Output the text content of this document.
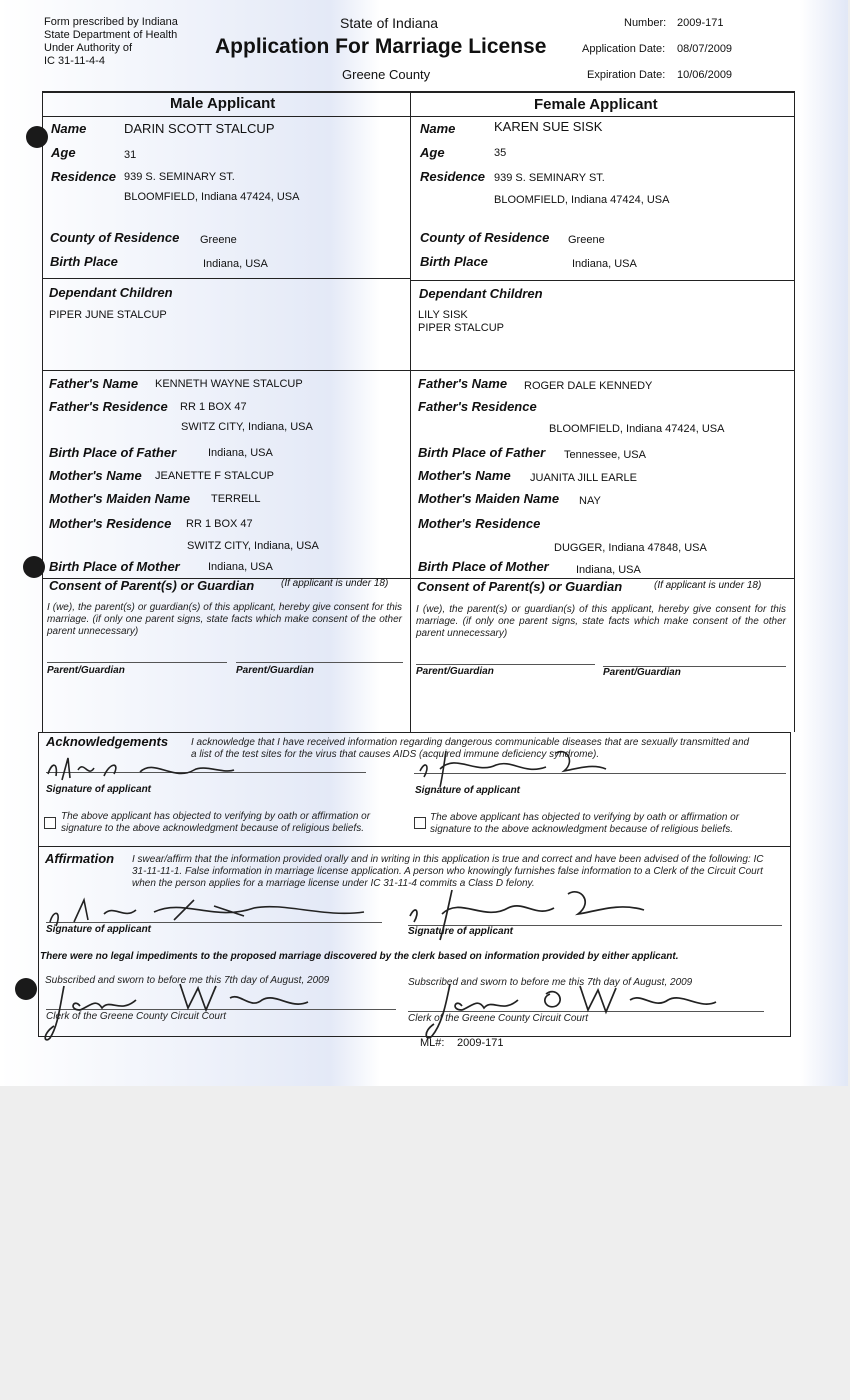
Form prescribed by Indiana
State Department of Health
Under Authority of
IC 31-11-4-4
State of Indiana
Application For Marriage License
Greene County
Number: 2009-171
Application Date: 08/07/2009
Expiration Date: 10/06/2009
Male Applicant	Female Applicant
Name	DARIN SCOTT STALCUP
Age	31
Residence 939 S. SEMINARY ST.
BLOOMFIELD, Indiana 47424, USA
County of Residence Greene
Birth Place	Indiana, USA
Dependant Children
PIPER JUNE STALCUP
Father's Name KENNETH WAYNE STALCUP
Father's Residence RR 1 BOX 47
SWITZ CITY, Indiana, USA
Birth Place of Father	Indiana, USA
Mother's Name JEANETTE F STALCUP
Mother's Maiden Name TERRELL
Mother's Residence RR 1 BOX 47
SWITZ CITY, Indiana, USA
Birth Place of Mother	Indiana, USA
Name	KAREN SUE SISK
Age	35
Residence 939 S. SEMINARY ST.
BLOOMFIELD, Indiana 47424, USA
County of Residence Greene
Birth Place	Indiana, USA
Dependant Children
LILY SISK
PIPER STALCUP
Father's Name ROGER DALE KENNEDY
Father's Residence
BLOOMFIELD, Indiana 47424, USA
Birth Place of Father Tennessee, USA
Mother's Name JUANITA JILL EARLE
Mother's Maiden Name NAY
Mother's Residence
DUGGER, Indiana 47848, USA
Birth Place of Mother Indiana, USA
Consent of Parent(s) or Guardian	(If applicant is under 18)
I (we), the parent(s) or guardian(s) of this applicant, hereby give consent for this marriage. (if only one parent signs, state facts which make consent of the other parent unnecessary)
Parent/Guardian	Parent/Guardian
Consent of Parent(s) or Guardian	(If applicant is under 18)
I (we), the parent(s) or guardian(s) of this applicant, hereby give consent for this marriage. (if only one parent signs, state facts which make consent of the other parent unnecessary)
Parent/Guardian	Parent/Guardian
Acknowledgements I acknowledge that I have received information regarding dangerous communicable diseases that are sexually transmitted and a list of the test sites for the virus that causes AIDS (acquired immune deficiency syndrome).
Signature of applicant	Signature of applicant
The above applicant has objected to verifying by oath or affirmation or signature to the above acknowledgment because of religious beliefs.
The above applicant has objected to verifying by oath or affirmation or signature to the above acknowledgment because of religious beliefs.
Affirmation I swear/affirm that the information provided orally and in writing in this application is true and correct and have been advised of the following: IC 31-11-11-1. False information in marriage license application. A person who knowingly furnishes false information to a Clerk of the Circuit Court when the person applies for a marriage license under IC 31-11-4 commits a Class D felony.
Signature of applicant	Signature of applicant
There were no legal impediments to the proposed marriage discovered by the clerk based on information provided by either applicant.
Subscribed and sworn to before me this 7th day of August, 2009	Subscribed and sworn to before me this 7th day of August, 2009
Clerk of the Greene County Circuit Court	Clerk of the Greene County Circuit Court
ML#: 2009-171
